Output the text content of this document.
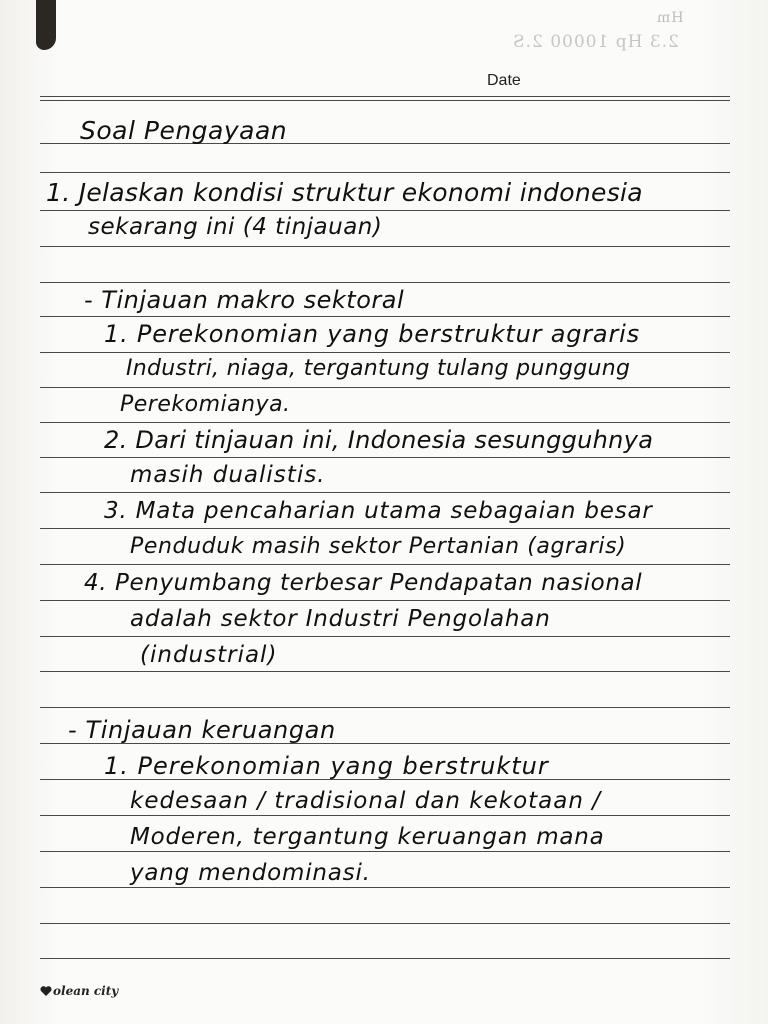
Hm
2.3 Hp 10000 2.S
Date
Soal Pengayaan
1. Jelaskan kondisi struktur ekonomi indonesia
sekarang ini (4 tinjauan)
- Tinjauan makro sektoral
1. Perekonomian yang berstruktur agraris
Industri, niaga, tergantung tulang punggung
Perekomianya.
2. Dari tinjauan ini, Indonesia sesungguhnya
masih dualistis.
3. Mata pencaharian utama sebagaian besar
Penduduk masih sektor Pertanian (agraris)
4. Penyumbang terbesar Pendapatan nasional
adalah sektor Industri Pengolahan
(industrial)
- Tinjauan keruangan
1. Perekonomian yang berstruktur
kedesaan / tradisional dan kekotaan /
Moderen, tergantung keruangan mana
yang mendominasi.
olean city
